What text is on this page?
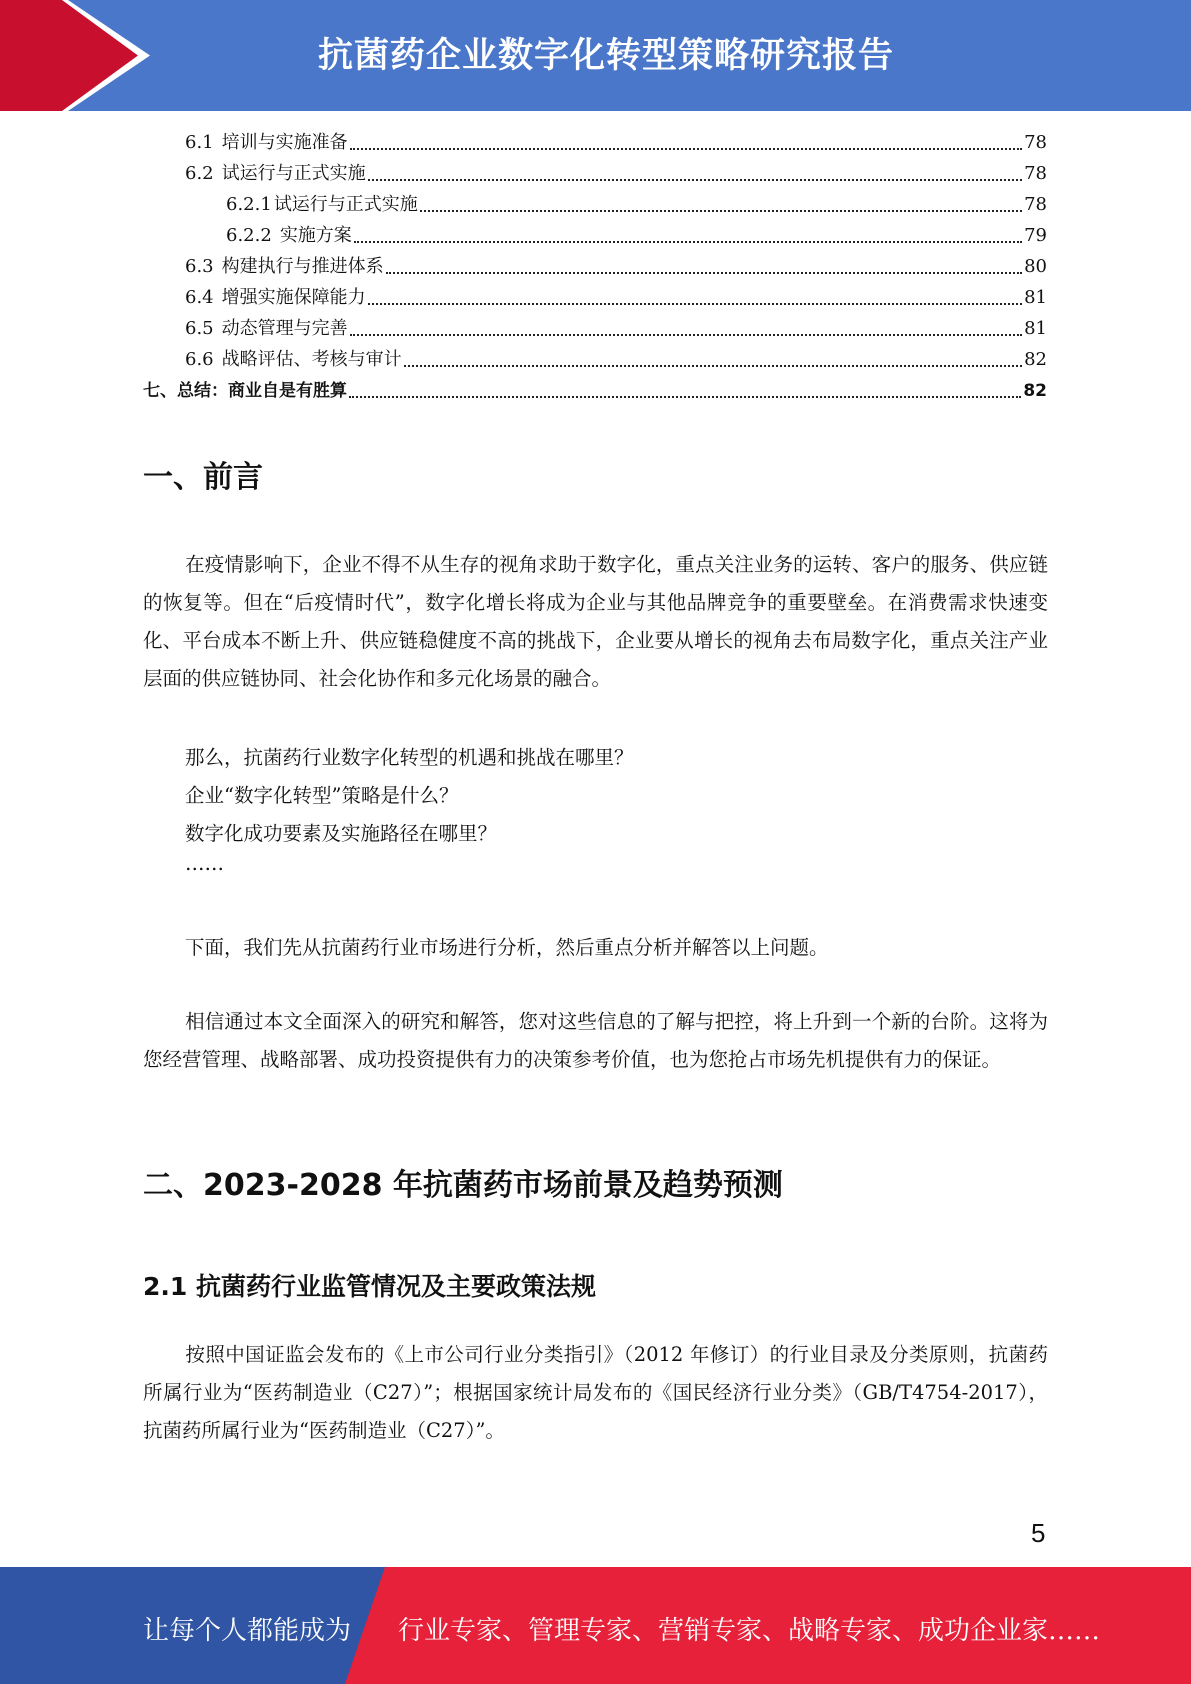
抗菌药企业数字化转型策略研究报告
6.1 培训与实施准备	78
6.2 试运行与正式实施	78
6.2.1 试运行与正式实施	78
6.2.2 实施方案	79
6.3 构建执行与推进体系	80
6.4 增强实施保障能力	81
6.5 动态管理与完善	81
6.6 战略评估、考核与审计	82
七、 总结：商业自是有胜算	82
一、前言
在疫情影响下，企业不得不从生存的视角求助于数字化，重点关注业务的运转、客户的服务、供应链的恢复等。但在“后疫情时代”，数字化增长将成为企业与其他品牌竞争的重要壁垒。在消费需求快速变化、平台成本不断上升、供应链稳健度不高的挑战下，企业要从增长的视角去布局数字化，重点关注产业层面的供应链协同、社会化协作和多元化场景的融合。
那么，抗菌药行业数字化转型的机遇和挑战在哪里？
企业“数字化转型”策略是什么？
数字化成功要素及实施路径在哪里？
……
下面，我们先从抗菌药行业市场进行分析，然后重点分析并解答以上问题。
相信通过本文全面深入的研究和解答，您对这些信息的了解与把控，将上升到一个新的台阶。这将为您经营管理、战略部署、成功投资提供有力的决策参考价值，也为您抢占市场先机提供有力的保证。
二、2023-2028 年抗菌药市场前景及趋势预测
2.1 抗菌药行业监管情况及主要政策法规
按照中国证监会发布的《上市公司行业分类指引》（2012 年修订）的行业目录及分类原则，抗菌药所属行业为“医药制造业（C27）”；根据国家统计局发布的《国民经济行业分类》（GB/T4754-2017），抗菌药所属行业为“医药制造业（C27）”。
5
让每个人都能成为 行业专家、管理专家、营销专家、战略专家、成功企业家……
